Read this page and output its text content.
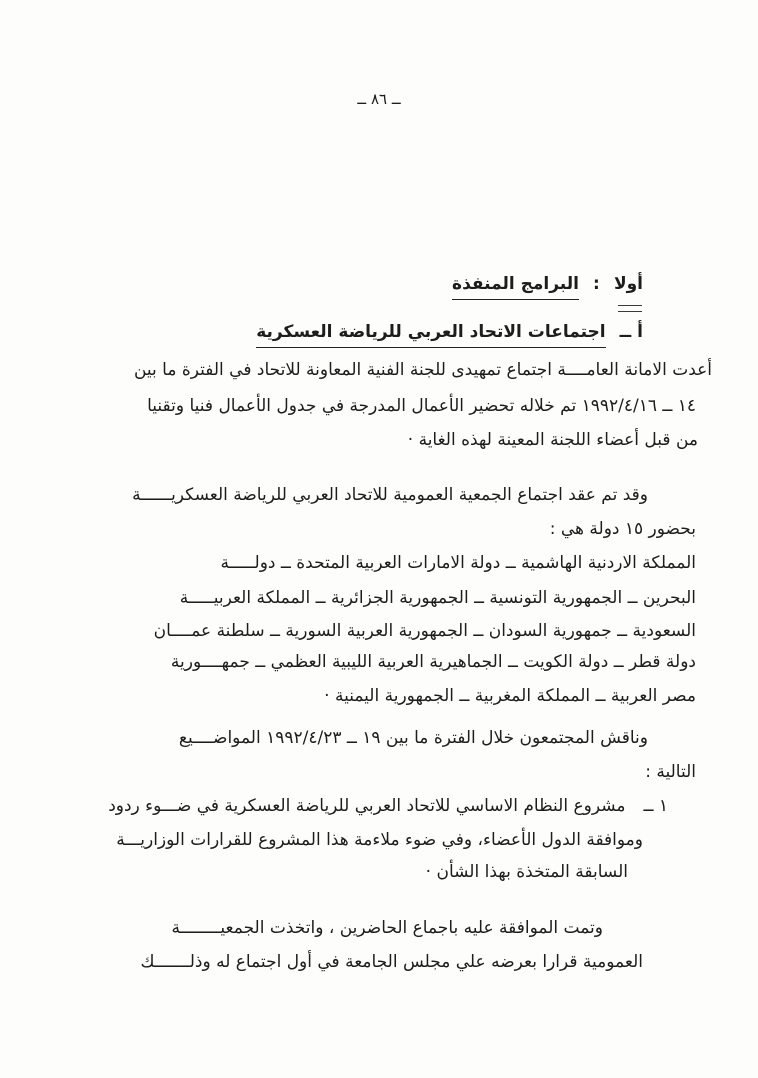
ــ ٨٦ ــ
أولا
:
البرامج المنفذة
أ ــ
اجتماعات الاتحاد العربي للرياضة العسكرية
أعدت الامانة العامــــة اجتماع تمهيدى للجنة الفنية المعاونة للاتحاد في الفترة ما بين
١٤ ــ ١٩٩٢/٤/١٦ تم خلاله تحضير الأعمال المدرجة في جدول الأعمال فنيا وتقنيا
من قبل أعضاء اللجنة المعينة لهذه الغاية ·
وقد تم عقد اجتماع الجمعية العمومية للاتحاد العربي للرياضة العسكريــــــة
بحضور ١٥ دولة هي :
المملكة الاردنية الهاشمية ــ دولة الامارات العربية المتحدة ــ دولـــــة
البحرين ــ الجمهورية التونسية ــ الجمهورية الجزائرية ــ المملكة العربيـــــة
السعودية ــ جمهورية السودان ــ الجمهورية العربية السورية ــ سلطنة عمــــان
دولة قطر ــ دولة الكويت ــ الجماهيرية العربية الليبية العظمي ــ جمهــــورية
مصر العربية ــ المملكة المغربية ــ الجمهورية اليمنية ·
وناقش المجتمعون خلال الفترة ما بين ١٩ ــ ١٩٩٢/٤/٢٣ المواضــــيع
التالية :
١ ــ
مشروع النظام الاساسي للاتحاد العربي للرياضة العسكرية في ضـــوء ردود
وموافقة الدول الأعضاء، وفي ضوء ملاءمة هذا المشروع للقرارات الوزاريـــة
السابقة المتخذة بهذا الشأن ·
وتمت الموافقة عليه باجماع الحاضرين ، واتخذت الجمعيــــــــة
العمومية قرارا بعرضه علي مجلس الجامعة في أول اجتماع له وذلـــــــك
